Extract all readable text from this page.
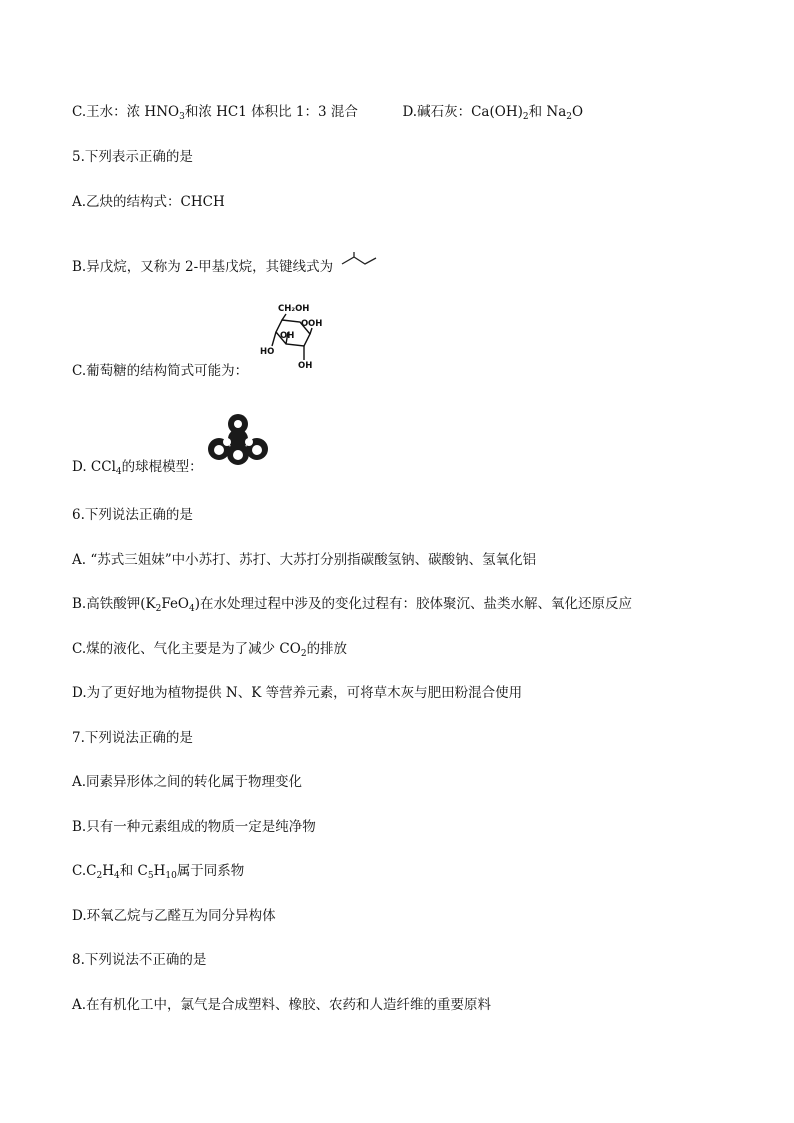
C.王水：浓 $HNO_3$和浓 HC1 体积比 1：3 混合	D.碱石灰：$Ca(OH)_2$和 $Na_2O$
5.下列表示正确的是
A.乙炔的结构式：CHCH
B.异戊烷，又称为 2-甲基戊烷，其键线式为
C.葡萄糖的结构简式可能为：
CH₂OH
OH
O
OH
HO
OH
D. CCl$_4$的球棍模型：
6.下列说法正确的是
A. “苏式三姐妹”中小苏打、苏打、大苏打分别指碳酸氢钠、碳酸钠、氢氧化铝
B.高铁酸钾$(K_2FeO_4)$在水处理过程中涉及的变化过程有：胶体聚沉、盐类水解、氧化还原反应
C.煤的液化、气化主要是为了减少 $CO_2$的排放
D.为了更好地为植物提供 N、K 等营养元素，可将草木灰与肥田粉混合使用
7.下列说法正确的是
A.同素异形体之间的转化属于物理变化
B.只有一种元素组成的物质一定是纯净物
$C.C_2H_4$和 $C_5H_{10}$属于同系物
D.环氧乙烷与乙醛互为同分异构体
8.下列说法不正确的是
A.在有机化工中，氯气是合成塑料、橡胶、农药和人造纤维的重要原料
